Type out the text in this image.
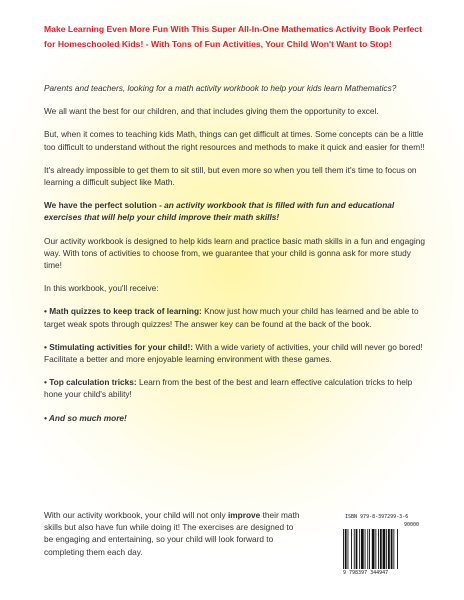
Make Learning Even More Fun With This Super All-In-One Mathematics Activity Book Perfect for Homeschooled Kids! - With Tons of Fun Activities, Your Child Won't Want to Stop!

Parents and teachers, looking for a math activity workbook to help your kids learn Mathematics?

We all want the best for our children, and that includes giving them the opportunity to excel.

But, when it comes to teaching kids Math, things can get difficult at times. Some concepts can be a little too difficult to understand without the right resources and methods to make it quick and easier for them!!

It's already impossible to get them to sit still, but even more so when you tell them it's time to focus on learning a difficult subject like Math.

We have the perfect solution - an activity workbook that is filled with fun and educational exercises that will help your child improve their math skills!

Our activity workbook is designed to help kids learn and practice basic math skills in a fun and engaging way. With tons of activities to choose from, we guarantee that your child is gonna ask for more study time!

In this workbook, you'll receive:

• Math quizzes to keep track of learning: Know just how much your child has learned and be able to target weak spots through quizzes! The answer key can be found at the back of the book.

• Stimulating activities for your child!: With a wide variety of activities, your child will never go bored! Facilitate a better and more enjoyable learning environment with these games.

• Top calculation tricks: Learn from the best of the best and learn effective calculation tricks to help hone your child's ability!

• And so much more!

With our activity workbook, your child will not only improve their math skills but also have fun while doing it! The exercises are designed to be engaging and entertaining, so your child will look forward to completing them each day.

ISBN 979-8-397299-3-6
90000
9 798397 344947
